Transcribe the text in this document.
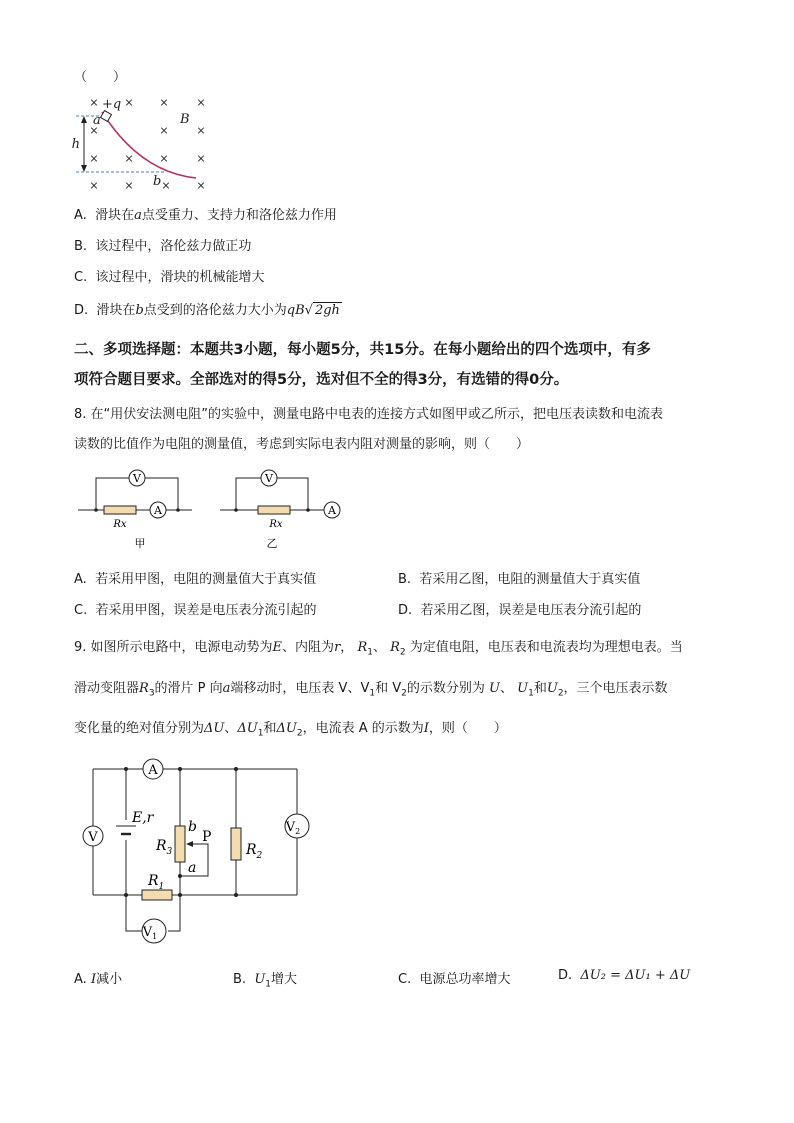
（　　）
× × ×	×
×	×	×
× × ×	×
× ×	× ×
h
+q
a
b
B
A. 滑块在a点受重力、支持力和洛伦兹力作用
B. 该过程中，洛伦兹力做正功
C. 该过程中，滑块的机械能增大
D. 滑块在b点受到的洛伦兹力大小为qB√ 2gh
二、多项选择题：本题共3小题，每小题5分，共15分。在每小题给出的四个选项中，有多
项符合题目要求。全部选对的得5分，选对但不全的得3分，有选错的得0分。
8. 在“用伏安法测电阻”的实验中，测量电路中电表的连接方式如图甲或乙所示，把电压表读数和电流表
读数的比值作为电阻的测量值，考虑到实际电表内阻对测量的影响，则（　　）
V
A
Rx
甲
V
A
Rx
乙
A. 若采用甲图，电阻的测量值大于真实值	B. 若采用乙图，电阻的测量值大于真实值
C. 若采用甲图，误差是电压表分流引起的	D. 若采用乙图，误差是电压表分流引起的
9. 如图所示电路中，电源电动势为E、内阻为r， $R_1$、 $R_2$ 为定值电阻，电压表和电流表均为理想电表。当
滑动变阻器$R_3$的滑片 P 向a端移动时，电压表 V、$V_1$和 $V_2$的示数分别为 U、 $U_1$和$U_2$，三个电压表示数
变化量的绝对值分别为ΔU、$\Delta U_1$和$\Delta U_2$，电流表 A 的示数为I，则（　　）
A
V
$V_2$
$V_1$
E,r
$R_3$
b
P
a
$R_2$
$R_1$
A. I减小	B. $U_1$增大	C. 电源总功率增大	D. ΔU₂ = ΔU₁ + ΔU
